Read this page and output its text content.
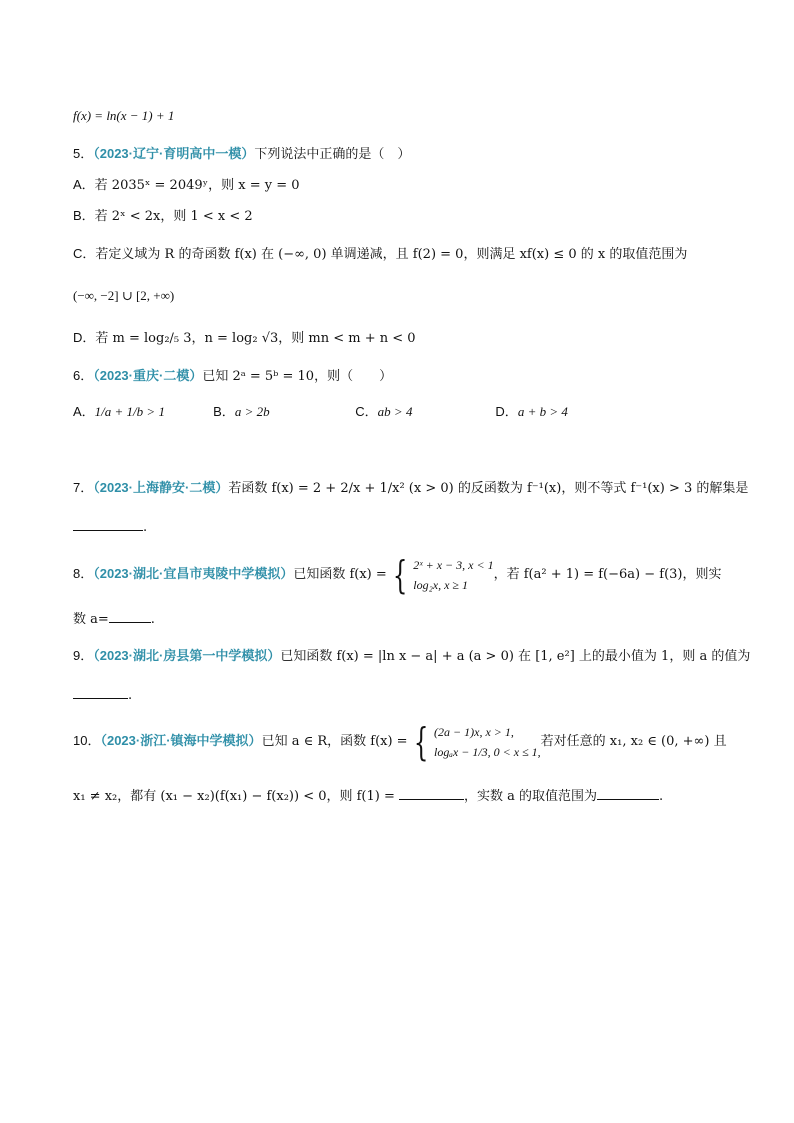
f(x) = ln(x − 1) + 1
5．（2023·辽宁·育明高中一模）下列说法中正确的是（　）
A．若 2035ˣ = 2049ʸ，则 x = y = 0
B．若 2ˣ < 2x，则 1 < x < 2
C．若定义域为 R 的奇函数 f(x) 在 (−∞, 0) 单调递减，且 f(2) = 0，则满足 xf(x) ≤ 0 的 x 的取值范围为
(−∞, −2] ∪ [2, +∞)
D．若 m = log₂/₅ 3，n = log₂ √3，则 mn < m + n < 0
6．（2023·重庆·二模）已知 2ᵃ = 5ᵇ = 10，则（　　）
A．1/a + 1/b > 1	B．a > 2b	C．ab > 4	D．a + b > 4
7．（2023·上海静安·二模）若函数 f(x) = 2 + 2/x + 1/x² (x > 0) 的反函数为 f⁻¹(x)，则不等式 f⁻¹(x) > 3 的解集是
.
8．（2023·湖北·宜昌市夷陵中学模拟）已知函数 f(x) = { 2ˣ + x − 3, x < 1
log₂x, x ≥ 1
，若 f(a² + 1) = f(−6a) − f(3)，则实
数 a=	.
9．（2023·湖北·房县第一中学模拟）已知函数 f(x) = |ln x − a| + a (a > 0) 在 [1, e²] 上的最小值为 1，则 a 的值为
.
10．（2023·浙江·镇海中学模拟）已知 a ∈ R，函数 f(x) = { (2a − 1)x, x > 1,
logₐx − 1/3, 0 < x ≤ 1,
若对任意的 x₁, x₂ ∈ (0, +∞) 且
x₁ ≠ x₂，都有 (x₁ − x₂)(f(x₁) − f(x₂)) < 0，则 f(1) =	，实数 a 的取值范围为	.
